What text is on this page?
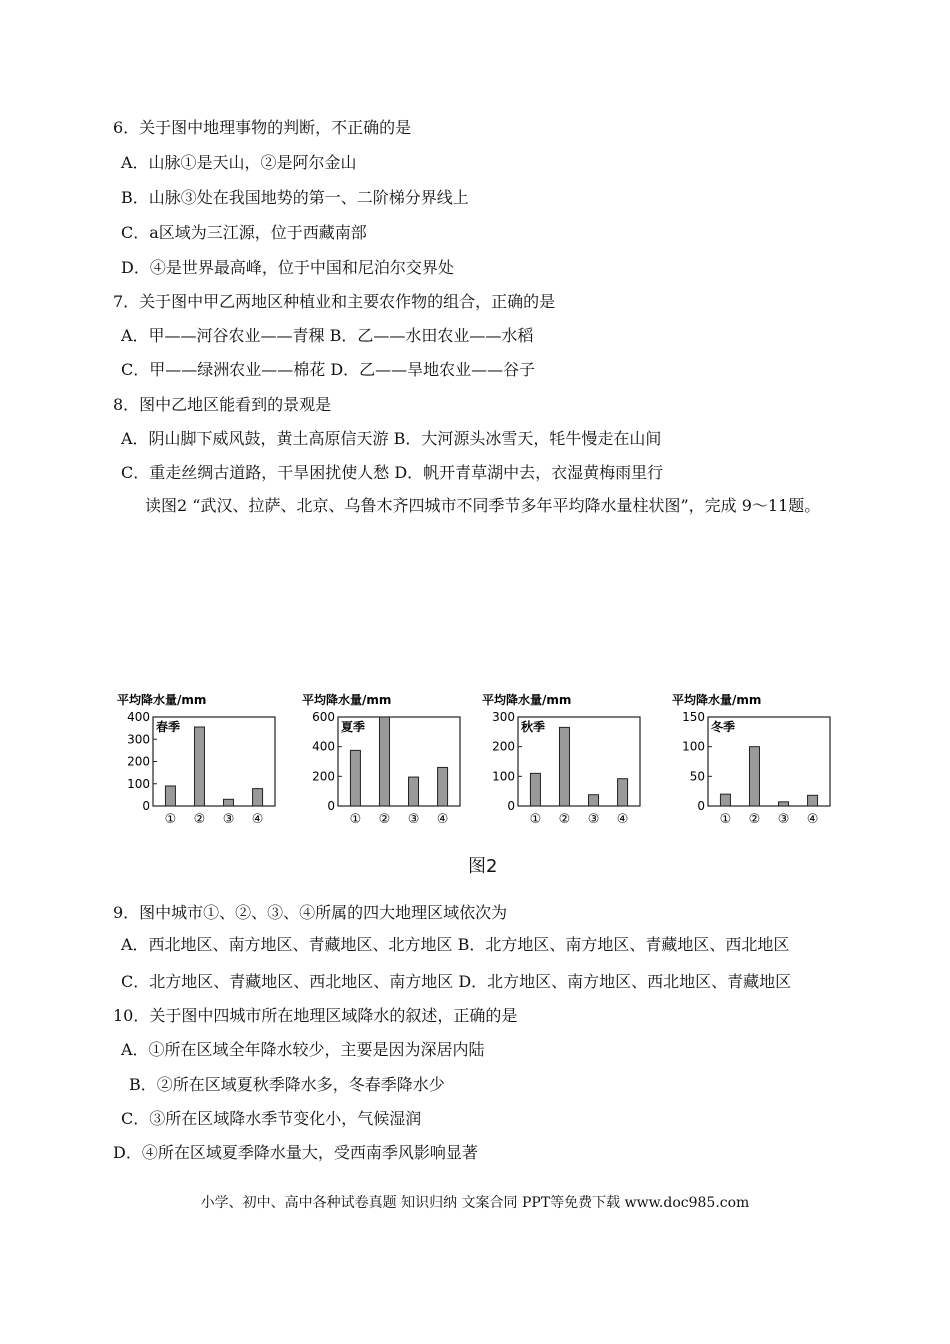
6．关于图中地理事物的判断，不正确的是
A．山脉①是天山，②是阿尔金山
B．山脉③处在我国地势的第一、二阶梯分界线上
C．a区域为三江源，位于西藏南部
D．④是世界最高峰，位于中国和尼泊尔交界处
7．关于图中甲乙两地区种植业和主要农作物的组合，正确的是
A．甲——河谷农业——青稞 B．乙——水田农业——水稻
C．甲——绿洲农业——棉花 D．乙——旱地农业——谷子
8．图中乙地区能看到的景观是
A．阴山脚下威风鼓，黄土高原信天游 B．大河源头冰雪天，牦牛慢走在山间
C．重走丝绸古道路，干旱困扰使人愁 D．帆开青草湖中去，衣湿黄梅雨里行
读图2 “武汉、拉萨、北京、乌鲁木齐四城市不同季节多年平均降水量柱状图”，完成 9～11题。
平均降水量/mm
0
100
200
300
400
春季
① ② ③ ④
平均降水量/mm
0
200
400
600
夏季
① ② ③ ④
平均降水量/mm
0
100
200
300
秋季
① ② ③ ④
平均降水量/mm
0
50
100
150
冬季
① ② ③ ④
图2
9．图中城市①、②、③、④所属的四大地理区域依次为
A．西北地区、南方地区、青藏地区、北方地区 B．北方地区、南方地区、青藏地区、西北地区
C．北方地区、青藏地区、西北地区、南方地区 D．北方地区、南方地区、西北地区、青藏地区
10．关于图中四城市所在地理区域降水的叙述，正确的是
A．①所在区域全年降水较少，主要是因为深居内陆
B．②所在区域夏秋季降水多，冬春季降水少
C．③所在区域降水季节变化小，气候湿润
D．④所在区域夏季降水量大，受西南季风影响显著
小学、初中、高中各种试卷真题 知识归纳 文案合同 PPT等免费下载 www.doc985.com
